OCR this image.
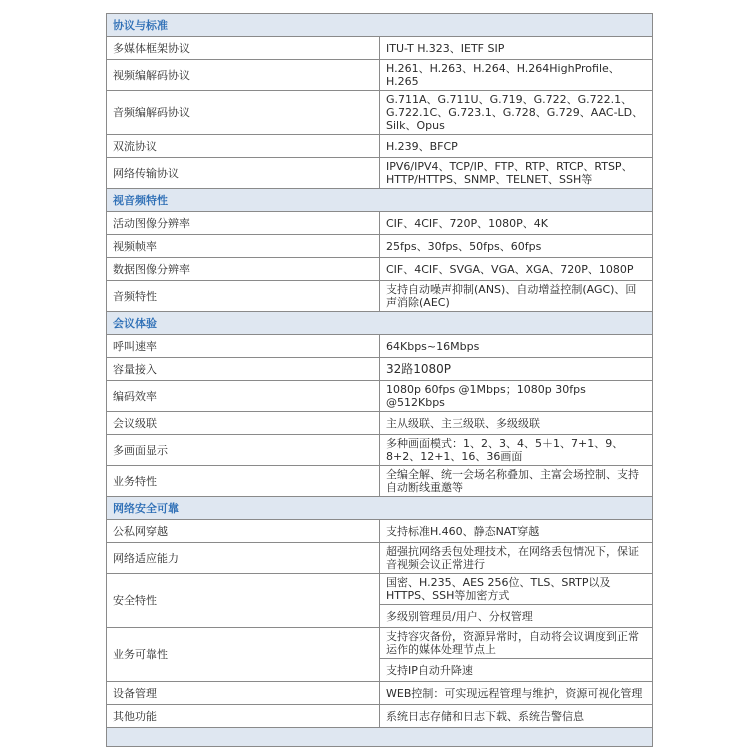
协议与标准	
多媒体框架协议	ITU-T H.323、IETF SIP
视频编解码协议	H.261、H.263、H.264、H.264HighProfile、H.265
音频编解码协议	G.711A、G.711U、G.719、G.722、G.722.1、G.722.1C、G.723.1、G.728、G.729、AAC-LD、Silk、Opus
双流协议	H.239、BFCP
网络传输协议	IPV6/IPV4、TCP/IP、FTP、RTP、RTCP、RTSP、HTTP/HTTPS、SNMP、TELNET、SSH等
视音频特性	
活动图像分辨率	CIF、4CIF、720P、1080P、4K
视频帧率	25fps、30fps、50fps、60fps
数据图像分辨率	CIF、4CIF、SVGA、VGA、XGA、720P、1080P
音频特性	支持自动噪声抑制(ANS)、自动增益控制(AGC)、回声消除(AEC)
会议体验	
呼叫速率	64Kbps~16Mbps
容量接入	32路1080P
编码效率	1080p 60fps @1Mbps；1080p 30fps @512Kbps
会议级联	主从级联、主三级联、多级级联
多画面显示	多种画面模式：1、2、3、4、5＋1、7+1、9、8+2、12+1、16、36画面
业务特性	全编全解、统一会场名称叠加、主富会场控制、支持自动断线重邀等
网络安全可靠	
公私网穿越	支持标准H.460、静态NAT穿越
网络适应能力	超强抗网络丢包处理技术，在网络丢包情况下，保证音视频会议正常进行
安全特性	国密、H.235、AES 256位、TLS、SRTP以及HTTPS、SSH等加密方式
	多级别管理员/用户、分权管理
业务可靠性	支持容灾备份，资源异常时，自动将会议调度到正常运作的媒体处理节点上
	支持IP自动升降速
设备管理	WEB控制：可实现远程管理与维护，资源可视化管理
其他功能	系统日志存储和日志下载、系统告警信息
